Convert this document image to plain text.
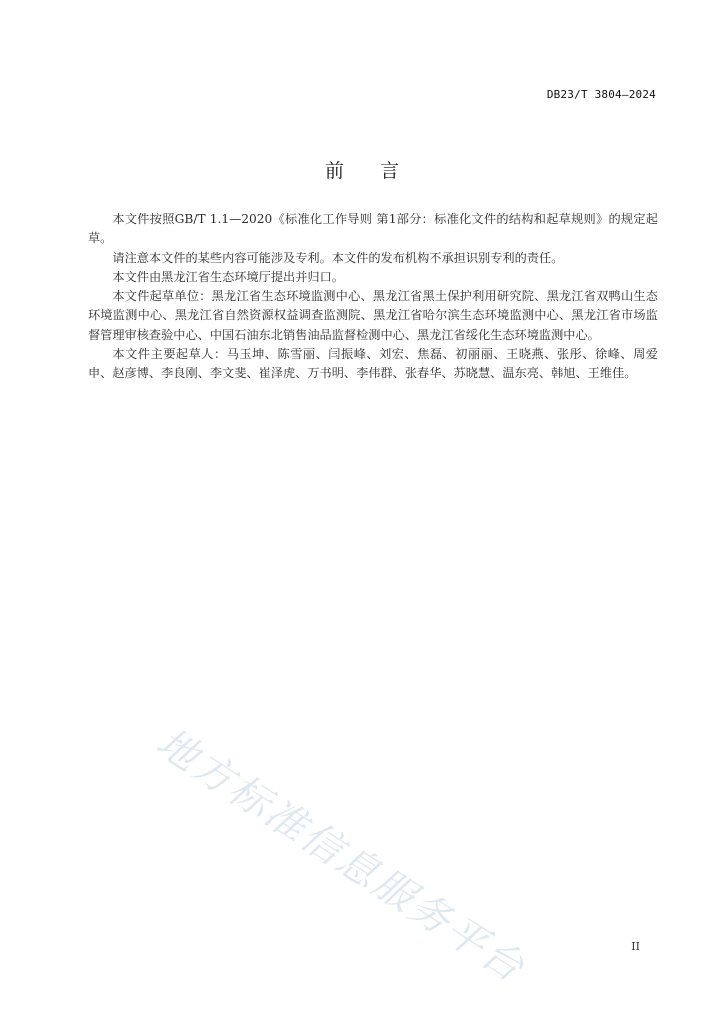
DB23/T 3804—2024
前言

本文件按照GB/T 1.1—2020《标准化工作导则 第1部分：标准化文件的结构和起草规则》的规定起草。

请注意本文件的某些内容可能涉及专利。本文件的发布机构不承担识别专利的责任。

本文件由黑龙江省生态环境厅提出并归口。

本文件起草单位：黑龙江省生态环境监测中心、黑龙江省黑土保护利用研究院、黑龙江省双鸭山生态环境监测中心、黑龙江省自然资源权益调查监测院、黑龙江省哈尔滨生态环境监测中心、黑龙江省市场监督管理审核查验中心、中国石油东北销售油品监督检测中心、黑龙江省绥化生态环境监测中心。

本文件主要起草人：马玉坤、陈雪丽、闫振峰、刘宏、焦磊、初丽丽、王晓燕、张彤、徐峰、周爱申、赵彦博、李良刚、李文斐、崔泽虎、万书明、李伟群、张春华、苏晓慧、温东亮、韩旭、王维佳。

地方标准信息服务平台	II
